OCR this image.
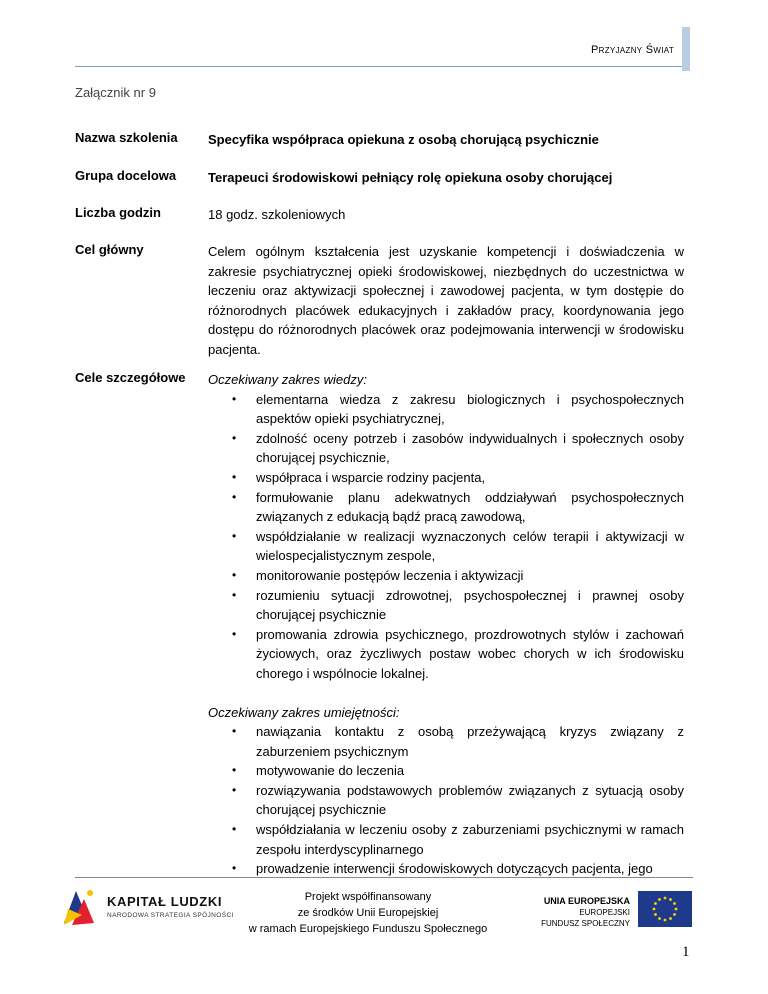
Przyjazny Świat
Załącznik nr 9
Nazwa szkolenia Specyfika współpraca opiekuna z osobą chorującą psychicznie
Grupa docelowa Terapeuci środowiskowi pełniący rolę opiekuna osoby chorującej
Liczba godzin	18 godz. szkoleniowych
Cel główny	Celem ogólnym kształcenia jest uzyskanie kompetencji i doświadczenia w zakresie psychiatrycznej opieki środowiskowej, niezbędnych do uczestnictwa w leczeniu oraz aktywizacji społecznej i zawodowej pacjenta, w tym dostępie do różnorodnych placówek edukacyjnych i zakładów pracy, koordynowania jego dostępu do różnorodnych placówek oraz podejmowania interwencji w środowisku pacjenta.
Cele szczegółowe Oczekiwany zakres wiedzy:
• elementarna wiedza z zakresu biologicznych i psychospołecznych aspektów opieki psychiatrycznej,
• zdolność oceny potrzeb i zasobów indywidualnych i społecznych osoby chorującej psychicznie,
• współpraca i wsparcie rodziny pacjenta,
• formułowanie planu adekwatnych oddziaływań psychospołecznych związanych z edukacją bądź pracą zawodową,
• współdziałanie w realizacji wyznaczonych celów terapii i aktywizacji w wielospecjalistycznym zespole,
• monitorowanie postępów leczenia i aktywizacji
• rozumieniu sytuacji zdrowotnej, psychospołecznej i prawnej osoby chorującej psychicznie
• promowania zdrowia psychicznego, prozdrowotnych stylów i zachowań życiowych, oraz życzliwych postaw wobec chorych w ich środowisku chorego i wspólnocie lokalnej.
Oczekiwany zakres umiejętności:
• nawiązania kontaktu z osobą przeżywającą kryzys związany z zaburzeniem psychicznym
• motywowanie do leczenia
• rozwiązywania podstawowych problemów związanych z sytuacją osoby chorującej psychicznie
• współdziałania w leczeniu osoby z zaburzeniami psychicznymi w ramach zespołu interdyscyplinarnego
• prowadzenie interwencji środowiskowych dotyczących pacjenta, jego
KAPITAŁ LUDZKI
NARODOWA STRATEGIA SPÓJNOŚCI
Projekt współfinansowany
ze środków Unii Europejskiej
w ramach Europejskiego Funduszu Społecznego
UNIA EUROPEJSKA
EUROPEJSKI
FUNDUSZ SPOŁECZNY
1
